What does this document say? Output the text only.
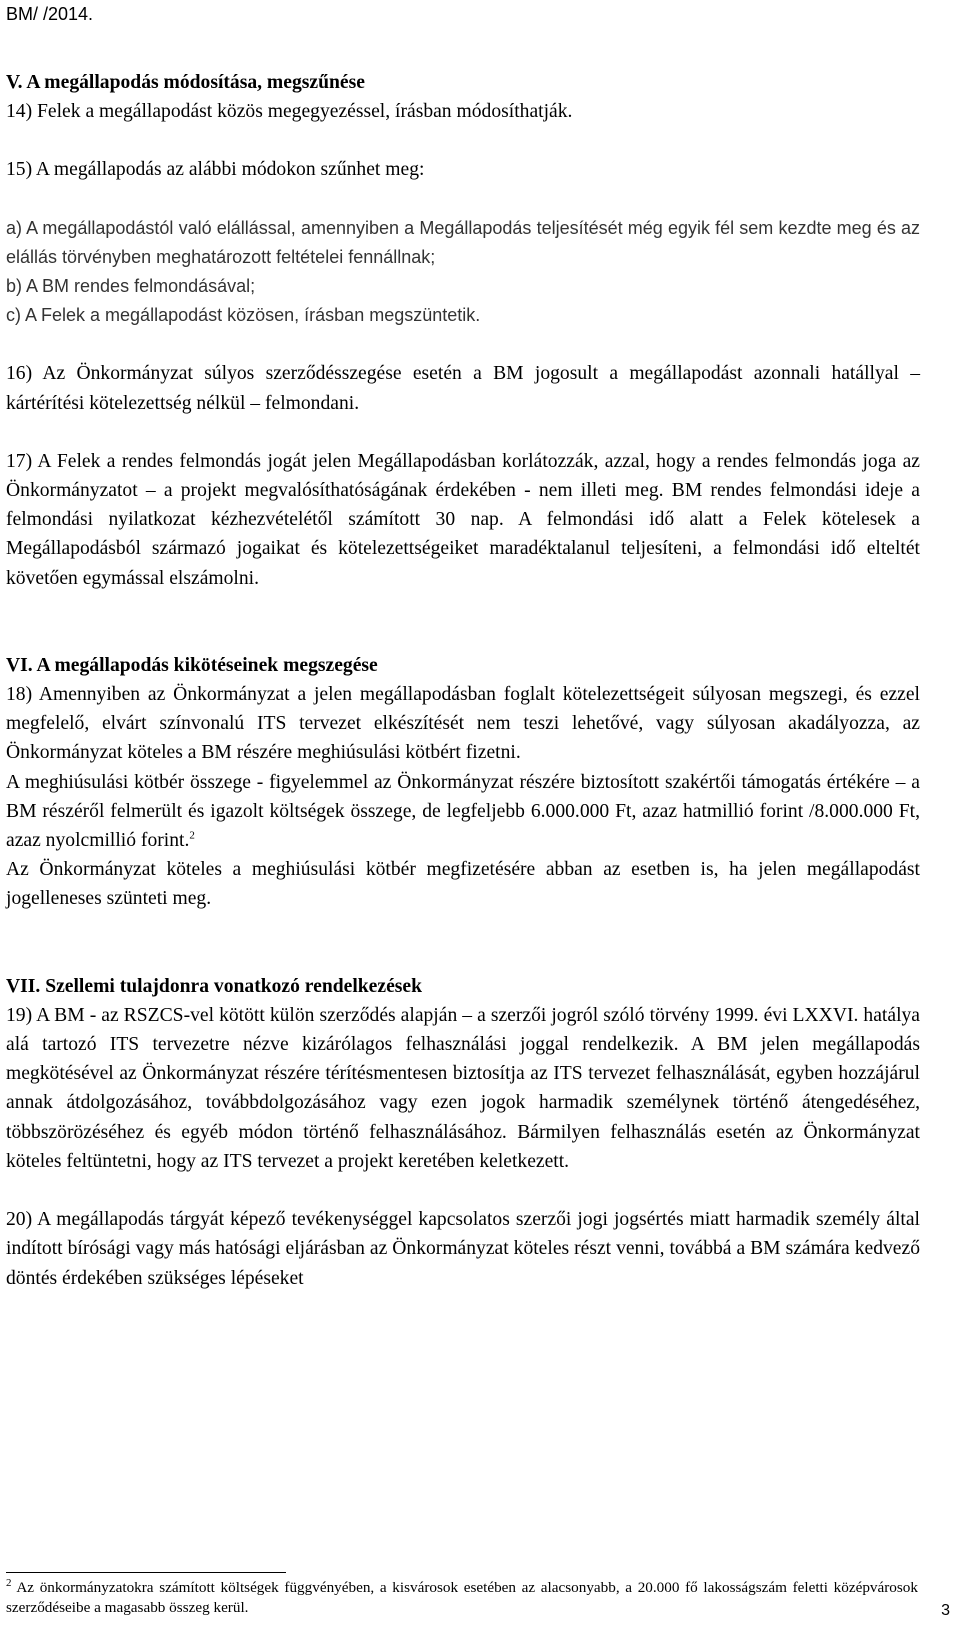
BM/ /2014.

V. A megállapodás módosítása, megszűnése

14) Felek a megállapodást közös megegyezéssel, írásban módosíthatják.

15) A megállapodás az alábbi módokon szűnhet meg:

a) A megállapodástól való elállással, amennyiben a Megállapodás teljesítését még egyik fél sem kezdte meg és az elállás törvényben meghatározott feltételei fennállnak;

b) A BM rendes felmondásával;

c) A Felek a megállapodást közösen, írásban megszüntetik.

16) Az Önkormányzat súlyos szerződésszegése esetén a BM jogosult a megállapodást azonnali hatállyal – kártérítési kötelezettség nélkül – felmondani.

17) A Felek a rendes felmondás jogát jelen Megállapodásban korlátozzák, azzal, hogy a rendes felmondás joga az Önkormányzatot – a projekt megvalósíthatóságának érdekében - nem illeti meg. BM rendes felmondási ideje a felmondási nyilatkozat kézhezvételétől számított 30 nap. A felmondási idő alatt a Felek kötelesek a Megállapodásból származó jogaikat és kötelezettségeiket maradéktalanul teljesíteni, a felmondási idő elteltét követően egymással elszámolni.

VI. A megállapodás kikötéseinek megszegése

18) Amennyiben az Önkormányzat a jelen megállapodásban foglalt kötelezettségeit súlyosan megszegi, és ezzel megfelelő, elvárt színvonalú ITS tervezet elkészítését nem teszi lehetővé, vagy súlyosan akadályozza, az Önkormányzat köteles a BM részére meghiúsulási kötbért fizetni.

A meghiúsulási kötbér összege - figyelemmel az Önkormányzat részére biztosított szakértői támogatás értékére – a BM részéről felmerült és igazolt költségek összege, de legfeljebb 6.000.000 Ft, azaz hatmillió forint /8.000.000 Ft, azaz nyolcmillió forint.$^2$

Az Önkormányzat köteles a meghiúsulási kötbér megfizetésére abban az esetben is, ha jelen megállapodást jogelleneses szünteti meg.

VII. Szellemi tulajdonra vonatkozó rendelkezések

19) A BM - az RSZCS-vel kötött külön szerződés alapján – a szerzői jogról szóló törvény 1999. évi LXXVI. hatálya alá tartozó ITS tervezetre nézve kizárólagos felhasználási joggal rendelkezik. A BM jelen megállapodás megkötésével az Önkormányzat részére térítésmentesen biztosítja az ITS tervezet felhasználását, egyben hozzájárul annak átdolgozásához, továbbdolgozásához vagy ezen jogok harmadik személynek történő átengedéséhez, többszörözéséhez és egyéb módon történő felhasználásához. Bármilyen felhasználás esetén az Önkormányzat köteles feltüntetni, hogy az ITS tervezet a projekt keretében keletkezett.

20) A megállapodás tárgyát képező tevékenységgel kapcsolatos szerzői jogi jogsértés miatt harmadik személy által indított bírósági vagy más hatósági eljárásban az Önkormányzat köteles részt venni, továbbá a BM számára kedvező döntés érdekében szükséges lépéseket

$^2$ Az önkormányzatokra számított költségek függvényében, a kisvárosok esetében az alacsonyabb, a 20.000 fő lakosságszám feletti középvárosok szerződéseibe a magasabb összeg kerül.	3
